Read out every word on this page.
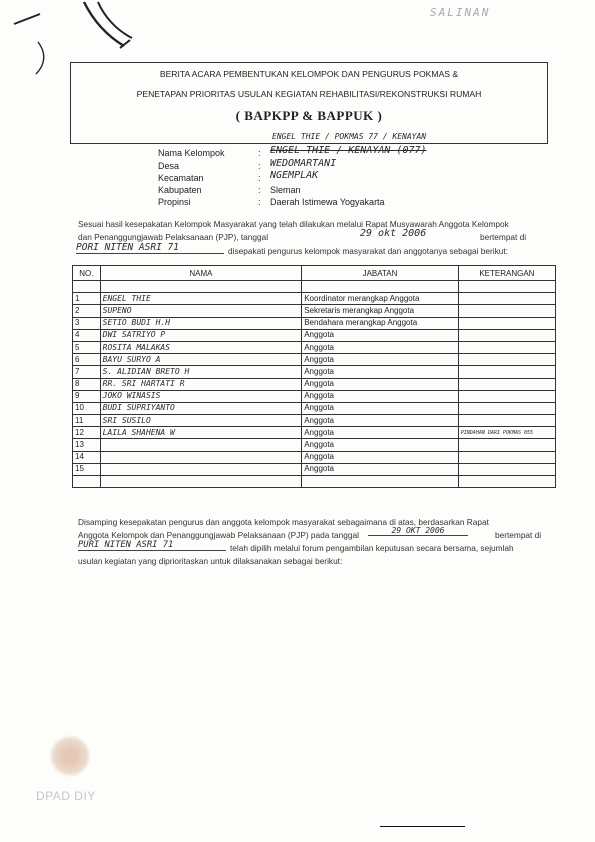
SALINAN
BERITA ACARA PEMBENTUKAN KELOMPOK DAN PENGURUS POKMAS &
PENETAPAN PRIORITAS USULAN KEGIATAN REHABILITASI/REKONSTRUKSI RUMAH
( BAPKPP & BAPPUK )
ENGEL THIE / POKMAS 77 / KENAYAN
Nama Kelompok	: ENGEL THIE / KENAYAN (077)
Desa	: WEDOMARTANI
Kecamatan	: NGEMPLAK
Kabupaten	: Sleman
Propinsi	: Daerah Istimewa Yogyakarta
Sesuai hasil kesepakatan Kelompok Masyarakat yang telah dilakukan melalui Rapat Musyawarah Anggota Kelompok
dan Penanggungjawab Pelaksanaan (PJP), tanggal	29 okt 2006	bertempat di
PORI NITEN ASRI 71	disepakati pengurus kelompok masyarakat dan anggotanya sebagai berikut:
NO.	NAMA	JABATAN	KETERANGAN

1	ENGEL THIE	Koordinator merangkap Anggota	
2	SUPENO	Sekretaris merangkap Anggota	
3	SETIO BUDI H.H	Bendahara merangkap Anggota	
4	DWI SATRIYO P	Anggota	
5	ROSITA MALAKAS	Anggota	
6	BAYU SURYO A	Anggota	
7	S. ALIDIAN BRETO H	Anggota	
8	RR. SRI HARTATI R	Anggota	
9	JOKO WINASIS	Anggota	
10	BUDI SUPRIYANTO	Anggota	
11	SRI SUSILO	Anggota	
12	LAILA SHAHENA W	Anggota	PINDAHAN DARI POKMAS 055
13		Anggota	
14		Anggota	
15		Anggota	

Disamping kesepakatan pengurus dan anggota kelompok masyarakat sebagaimana di atas, berdasarkan Rapat
Anggota Kelompok dan Penanggungjawab Pelaksanaan (PJP) pada tanggal	29 OKT 2006	bertempat di
PURI NITEN ASRI 71	telah dipilih melalui forum pengambilan keputusan secara bersama, sejumlah
usulan kegiatan yang diprioritaskan untuk dilaksanakan sebagai berikut:
DPAD DIY
